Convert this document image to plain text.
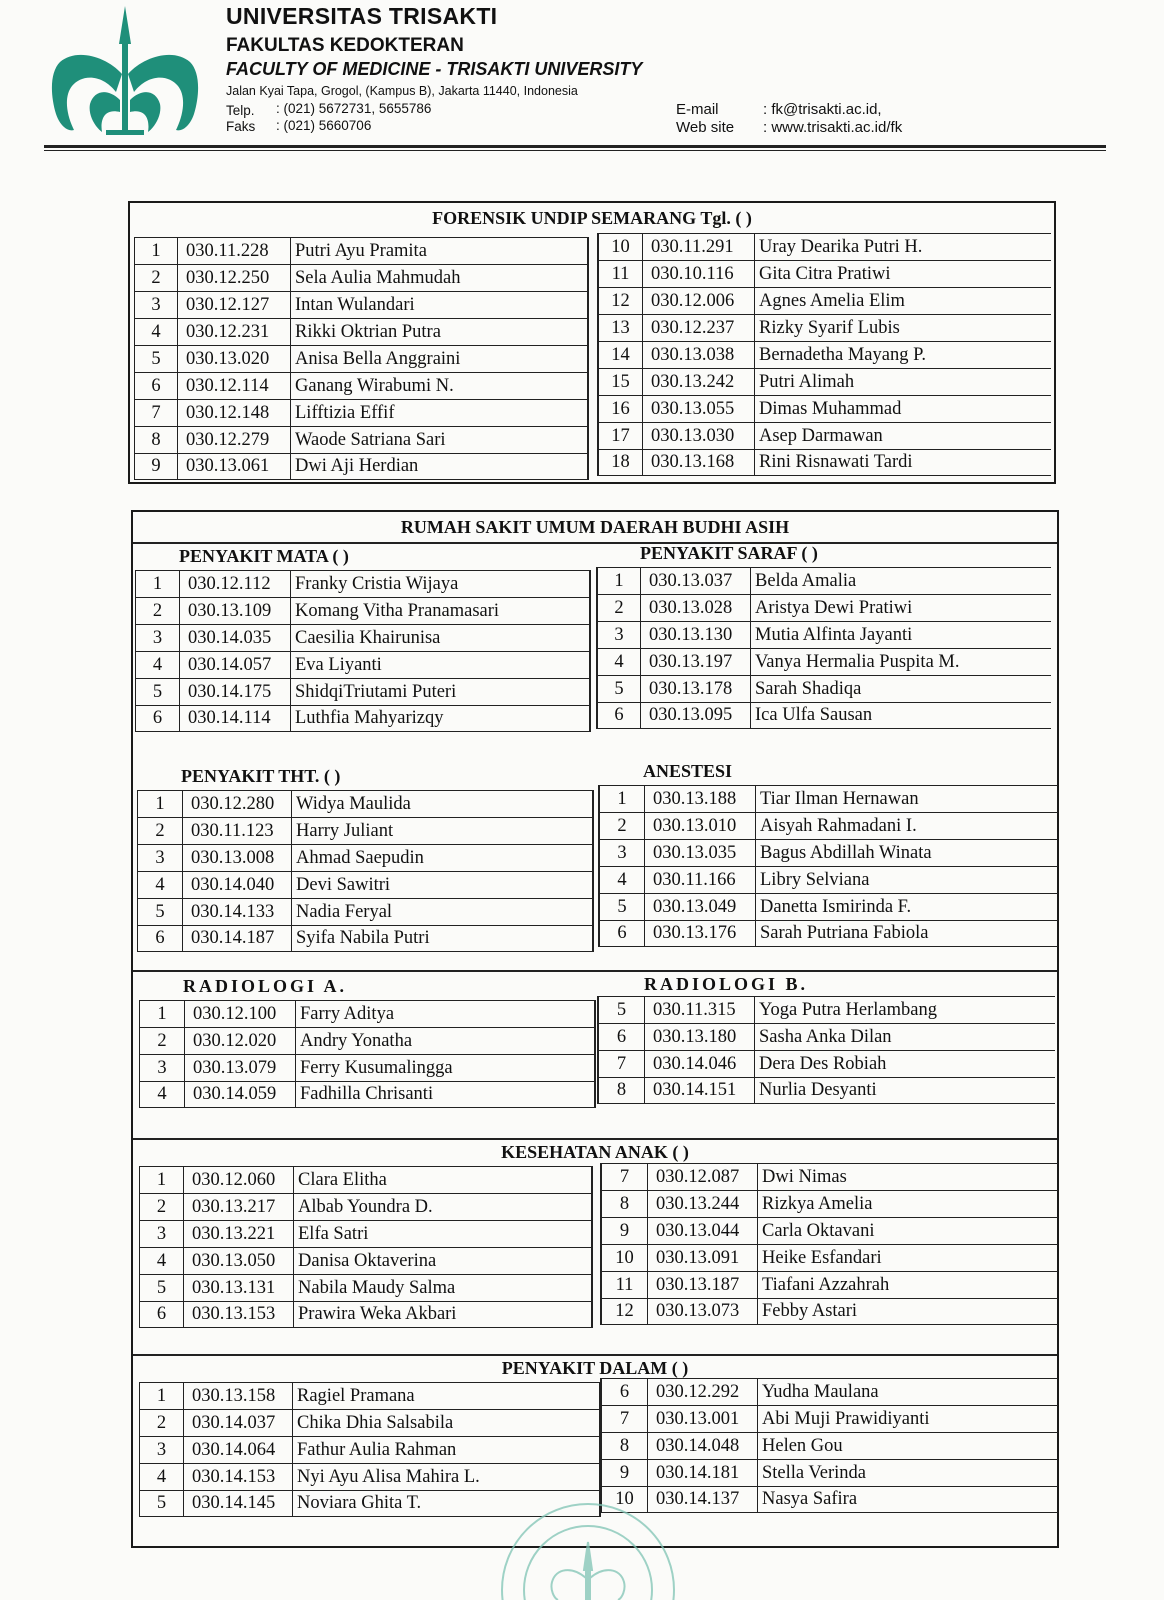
UNIVERSITAS TRISAKTI
FAKULTAS KEDOKTERAN
FACULTY OF MEDICINE - TRISAKTI UNIVERSITY
Jalan Kyai Tapa, Grogol, (Kampus B), Jakarta 11440, Indonesia
Telp. : (021) 5672731, 5655786
Faks : (021) 5660706
E-mail	: fk@trisakti.ac.id,
Web site : www.trisakti.ac.id/fk
FORENSIK UNDIP SEMARANG Tgl. ( )
1	030.11.228	Putri Ayu Pramita
2	030.12.250	Sela Aulia Mahmudah
3	030.12.127	Intan Wulandari
4	030.12.231	Rikki Oktrian Putra
5	030.13.020	Anisa Bella Anggraini
6	030.12.114	Ganang Wirabumi N.
7	030.12.148	Lifftizia Effif
8	030.12.279	Waode Satriana Sari
9	030.13.061	Dwi Aji Herdian
10	030.11.291	Uray Dearika Putri H.
11	030.10.116	Gita Citra Pratiwi
12	030.12.006	Agnes Amelia Elim
13	030.12.237	Rizky Syarif Lubis
14	030.13.038	Bernadetha Mayang P.
15	030.13.242	Putri Alimah
16	030.13.055	Dimas Muhammad
17	030.13.030	Asep Darmawan
18	030.13.168	Rini Risnawati Tardi
RUMAH SAKIT UMUM DAERAH BUDHI ASIH
PENYAKIT MATA ( )	PENYAKIT SARAF ( )
1	030.12.112	Franky Cristia Wijaya
2	030.13.109	Komang Vitha Pranamasari
3	030.14.035	Caesilia Khairunisa
4	030.14.057	Eva Liyanti
5	030.14.175	ShidqiTriutami Puteri
6	030.14.114	Luthfia Mahyarizqy
1	030.13.037	Belda Amalia
2	030.13.028	Aristya Dewi Pratiwi
3	030.13.130	Mutia Alfinta Jayanti
4	030.13.197	Vanya Hermalia Puspita M.
5	030.13.178	Sarah Shadiqa
6	030.13.095	Ica Ulfa Sausan
PENYAKIT THT. ( )	ANESTESI
1	030.12.280	Widya Maulida
2	030.11.123	Harry Juliant
3	030.13.008	Ahmad Saepudin
4	030.14.040	Devi Sawitri
5	030.14.133	Nadia Feryal
6	030.14.187	Syifa Nabila Putri
1	030.13.188	Tiar Ilman Hernawan
2	030.13.010	Aisyah Rahmadani I.
3	030.13.035	Bagus Abdillah Winata
4	030.11.166	Libry Selviana
5	030.13.049	Danetta Ismirinda F.
6	030.13.176	Sarah Putriana Fabiola
RADIOLOGI A.	RADIOLOGI B.
1	030.12.100	Farry Aditya
2	030.12.020	Andry Yonatha
3	030.13.079	Ferry Kusumalingga
4	030.14.059	Fadhilla Chrisanti
5	030.11.315	Yoga Putra Herlambang
6	030.13.180	Sasha Anka Dilan
7	030.14.046	Dera Des Robiah
8	030.14.151	Nurlia Desyanti
KESEHATAN ANAK ( )
1	030.12.060	Clara Elitha
2	030.13.217	Albab Youndra D.
3	030.13.221	Elfa Satri
4	030.13.050	Danisa Oktaverina
5	030.13.131	Nabila Maudy Salma
6	030.13.153	Prawira Weka Akbari
7	030.12.087	Dwi Nimas
8	030.13.244	Rizkya Amelia
9	030.13.044	Carla Oktavani
10	030.13.091	Heike Esfandari
11	030.13.187	Tiafani Azzahrah
12	030.13.073	Febby Astari
PENYAKIT DALAM ( )
1	030.13.158	Ragiel Pramana
2	030.14.037	Chika Dhia Salsabila
3	030.14.064	Fathur Aulia Rahman
4	030.14.153	Nyi Ayu Alisa Mahira L.
5	030.14.145	Noviara Ghita T.
6	030.12.292	Yudha Maulana
7	030.13.001	Abi Muji Prawidiyanti
8	030.14.048	Helen Gou
9	030.14.181	Stella Verinda
10	030.14.137	Nasya Safira
